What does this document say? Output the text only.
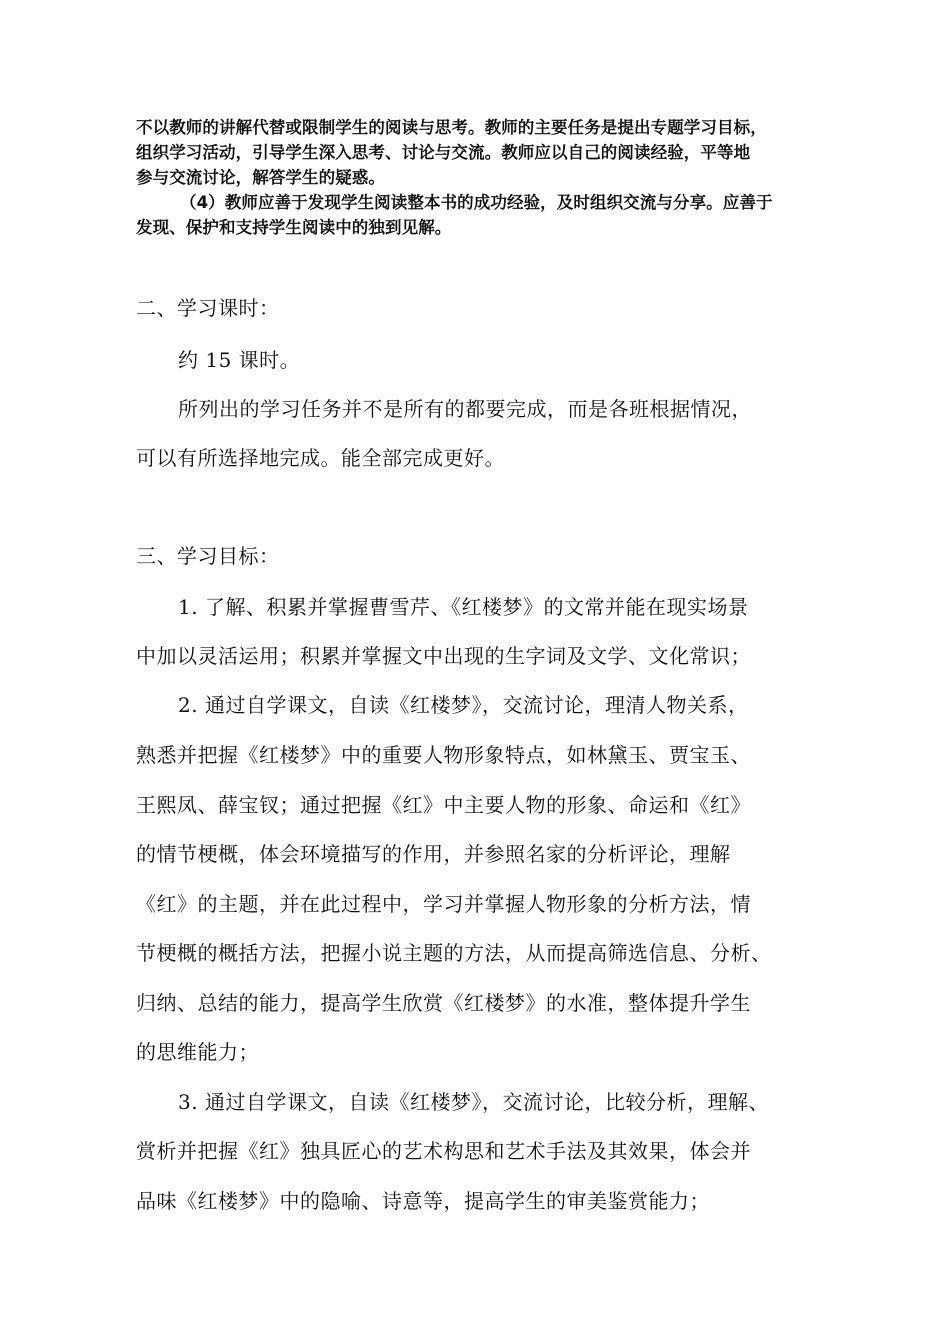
不以教师的讲解代替或限制学生的阅读与思考。教师的主要任务是提出专题学习目标，

组织学习活动，引导学生深入思考、讨论与交流。教师应以自己的阅读经验，平等地

参与交流讨论，解答学生的疑惑。

（4）教师应善于发现学生阅读整本书的成功经验，及时组织交流与分享。应善于

发现、保护和支持学生阅读中的独到见解。

二、学习课时：

约 15 课时。

所列出的学习任务并不是所有的都要完成，而是各班根据情况，

可以有所选择地完成。能全部完成更好。

三、学习目标：

1. 了解、积累并掌握曹雪芹、《红楼梦》的文常并能在现实场景

中加以灵活运用；积累并掌握文中出现的生字词及文学、文化常识；

2. 通过自学课文，自读《红楼梦》，交流讨论，理清人物关系，

熟悉并把握《红楼梦》中的重要人物形象特点，如林黛玉、贾宝玉、

王熙凤、薛宝钗；通过把握《红》中主要人物的形象、命运和《红》

的情节梗概，体会环境描写的作用，并参照名家的分析评论，理解

《红》的主题，并在此过程中，学习并掌握人物形象的分析方法，情

节梗概的概括方法，把握小说主题的方法，从而提高筛选信息、分析、

归纳、总结的能力，提高学生欣赏《红楼梦》的水准，整体提升学生

的思维能力；

3. 通过自学课文，自读《红楼梦》，交流讨论，比较分析，理解、

赏析并把握《红》独具匠心的艺术构思和艺术手法及其效果，体会并

品味《红楼梦》中的隐喻、诗意等，提高学生的审美鉴赏能力；
